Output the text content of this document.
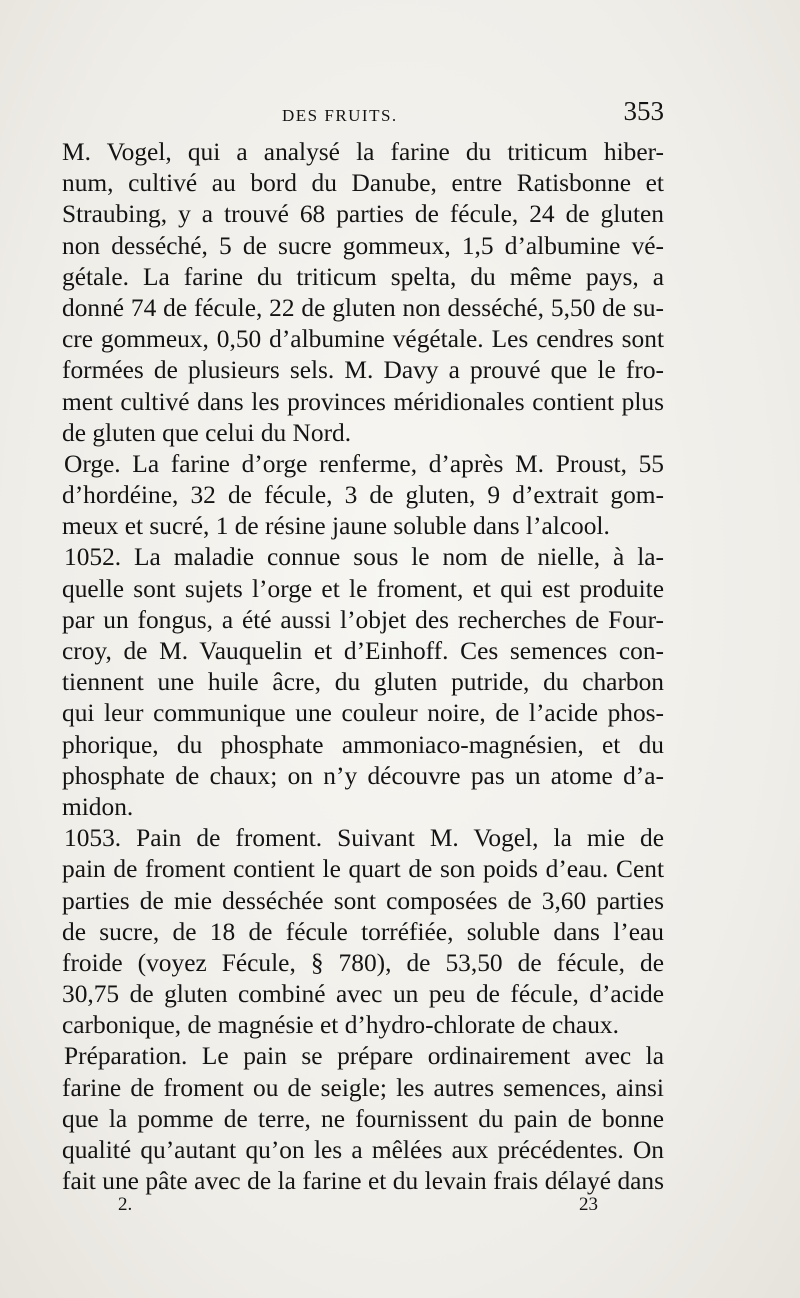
DES FRUITS.	353
M. Vogel, qui a analysé la farine du triticum hiber-
num, cultivé au bord du Danube, entre Ratisbonne et
Straubing, y a trouvé 68 parties de fécule, 24 de gluten
non desséché, 5 de sucre gommeux, 1,5 d’albumine vé-
gétale. La farine du triticum spelta, du même pays, a
donné 74 de fécule, 22 de gluten non desséché, 5,50 de su-
cre gommeux, 0,50 d’albumine végétale. Les cendres sont
formées de plusieurs sels. M. Davy a prouvé que le fro-
ment cultivé dans les provinces méridionales contient plus
de gluten que celui du Nord.
Orge. La farine d’orge renferme, d’après M. Proust, 55
d’hordéine, 32 de fécule, 3 de gluten, 9 d’extrait gom-
meux et sucré, 1 de résine jaune soluble dans l’alcool.
1052. La maladie connue sous le nom de nielle, à la-
quelle sont sujets l’orge et le froment, et qui est produite
par un fongus, a été aussi l’objet des recherches de Four-
croy, de M. Vauquelin et d’Einhoff. Ces semences con-
tiennent une huile âcre, du gluten putride, du charbon
qui leur communique une couleur noire, de l’acide phos-
phorique, du phosphate ammoniaco-magnésien, et du
phosphate de chaux; on n’y découvre pas un atome d’a-
midon.
1053. Pain de froment. Suivant M. Vogel, la mie de
pain de froment contient le quart de son poids d’eau. Cent
parties de mie desséchée sont composées de 3,60 parties
de sucre, de 18 de fécule torréfiée, soluble dans l’eau
froide (voyez Fécule, § 780), de 53,50 de fécule, de
30,75 de gluten combiné avec un peu de fécule, d’acide
carbonique, de magnésie et d’hydro-chlorate de chaux.
Préparation. Le pain se prépare ordinairement avec la
farine de froment ou de seigle; les autres semences, ainsi
que la pomme de terre, ne fournissent du pain de bonne
qualité qu’autant qu’on les a mêlées aux précédentes. On
fait une pâte avec de la farine et du levain frais délayé dans
2.	23
